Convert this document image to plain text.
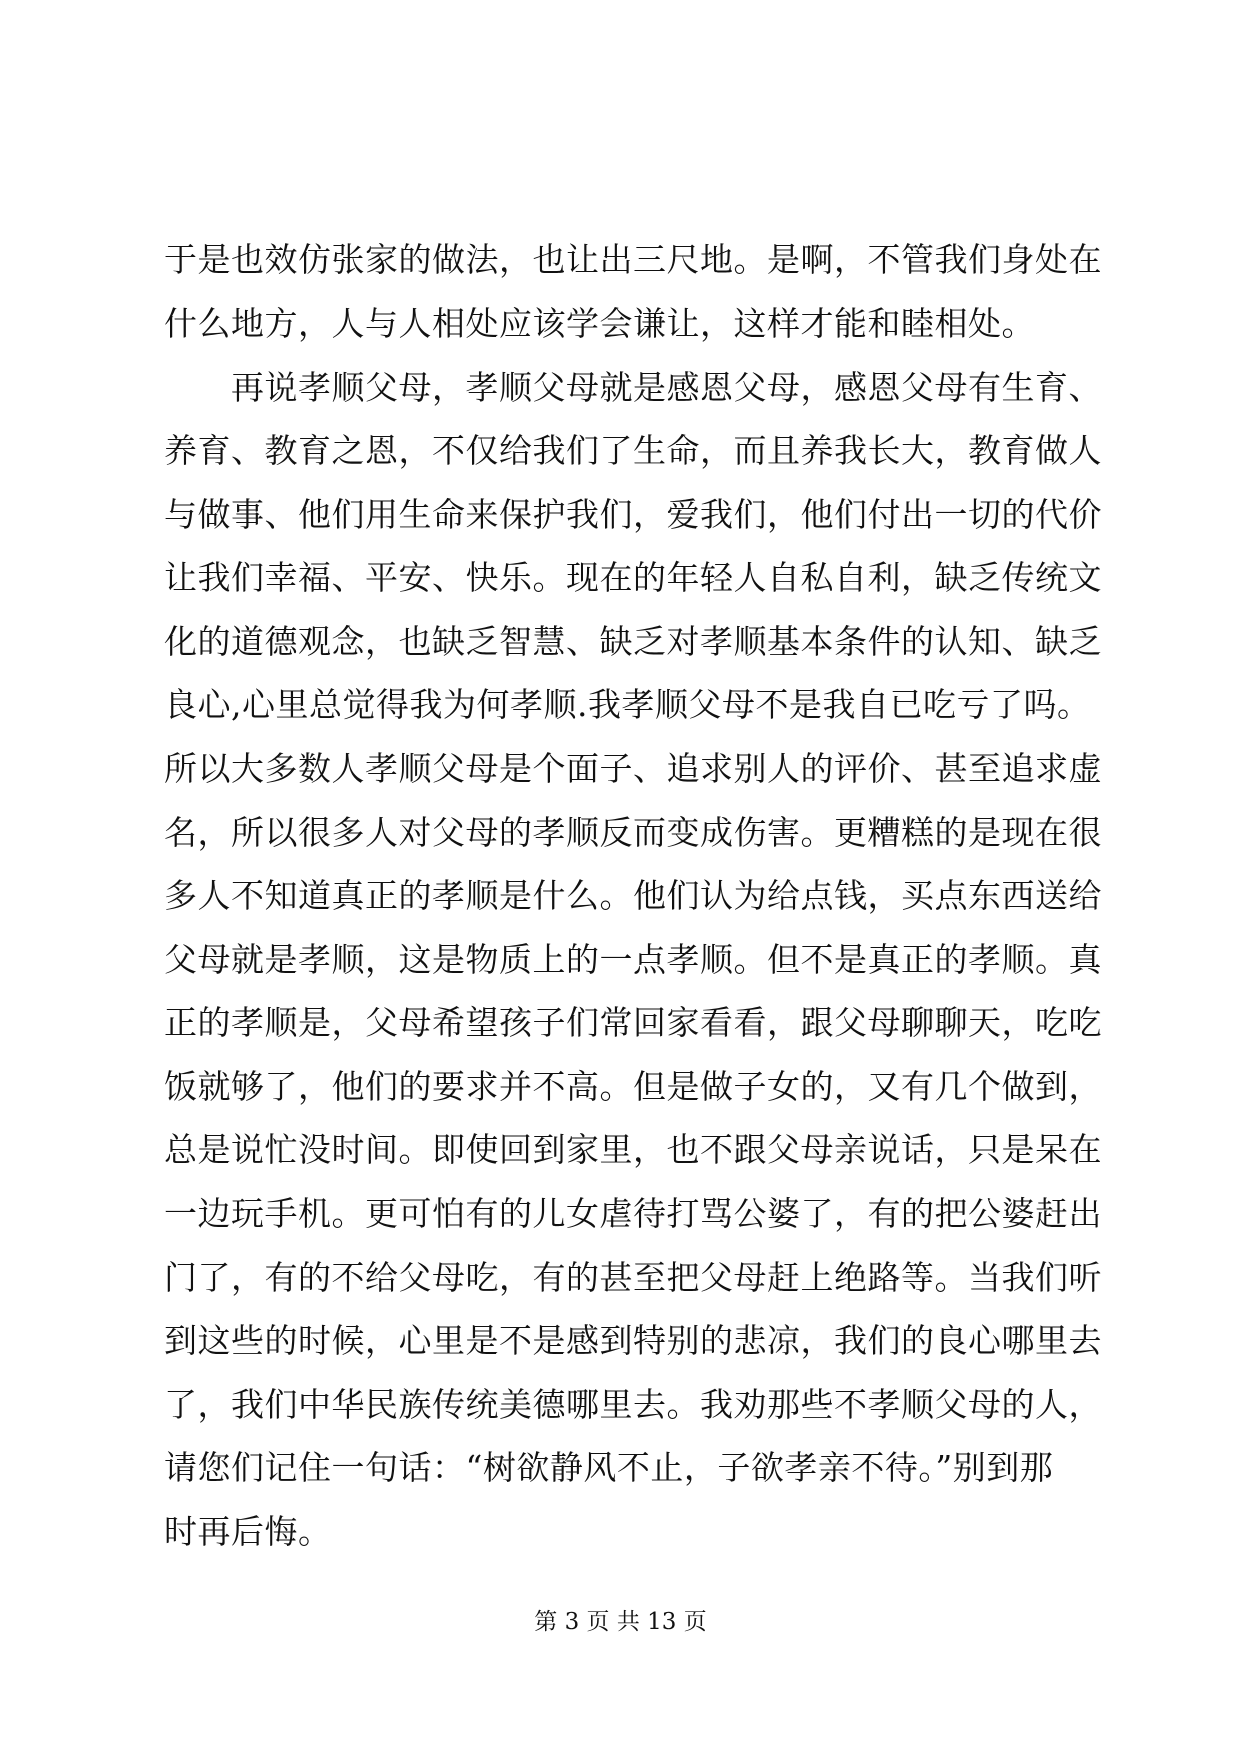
于是也效仿张家的做法，也让出三尺地。是啊，不管我们身处在
什么地方，人与人相处应该学会谦让，这样才能和睦相处。
　　再说孝顺父母，孝顺父母就是感恩父母，感恩父母有生育、
养育、教育之恩，不仅给我们了生命，而且养我长大，教育做人
与做事、他们用生命来保护我们，爱我们，他们付出一切的代价
让我们幸福、平安、快乐。现在的年轻人自私自利，缺乏传统文
化的道德观念，也缺乏智慧、缺乏对孝顺基本条件的认知、缺乏
良心,心里总觉得我为何孝顺.我孝顺父母不是我自已吃亏了吗。
所以大多数人孝顺父母是个面子、追求别人的评价、甚至追求虚
名，所以很多人对父母的孝顺反而变成伤害。更糟糕的是现在很
多人不知道真正的孝顺是什么。他们认为给点钱，买点东西送给
父母就是孝顺，这是物质上的一点孝顺。但不是真正的孝顺。真
正的孝顺是，父母希望孩子们常回家看看，跟父母聊聊天，吃吃
饭就够了，他们的要求并不高。但是做子女的，又有几个做到，
总是说忙没时间。即使回到家里，也不跟父母亲说话，只是呆在
一边玩手机。更可怕有的儿女虐待打骂公婆了，有的把公婆赶出
门了，有的不给父母吃，有的甚至把父母赶上绝路等。当我们听
到这些的时候，心里是不是感到特别的悲凉，我们的良心哪里去
了，我们中华民族传统美德哪里去。我劝那些不孝顺父母的人，
请您们记住一句话：“树欲静风不止，子欲孝亲不待。”别到那
时再后悔。
第 3 页 共 13 页
